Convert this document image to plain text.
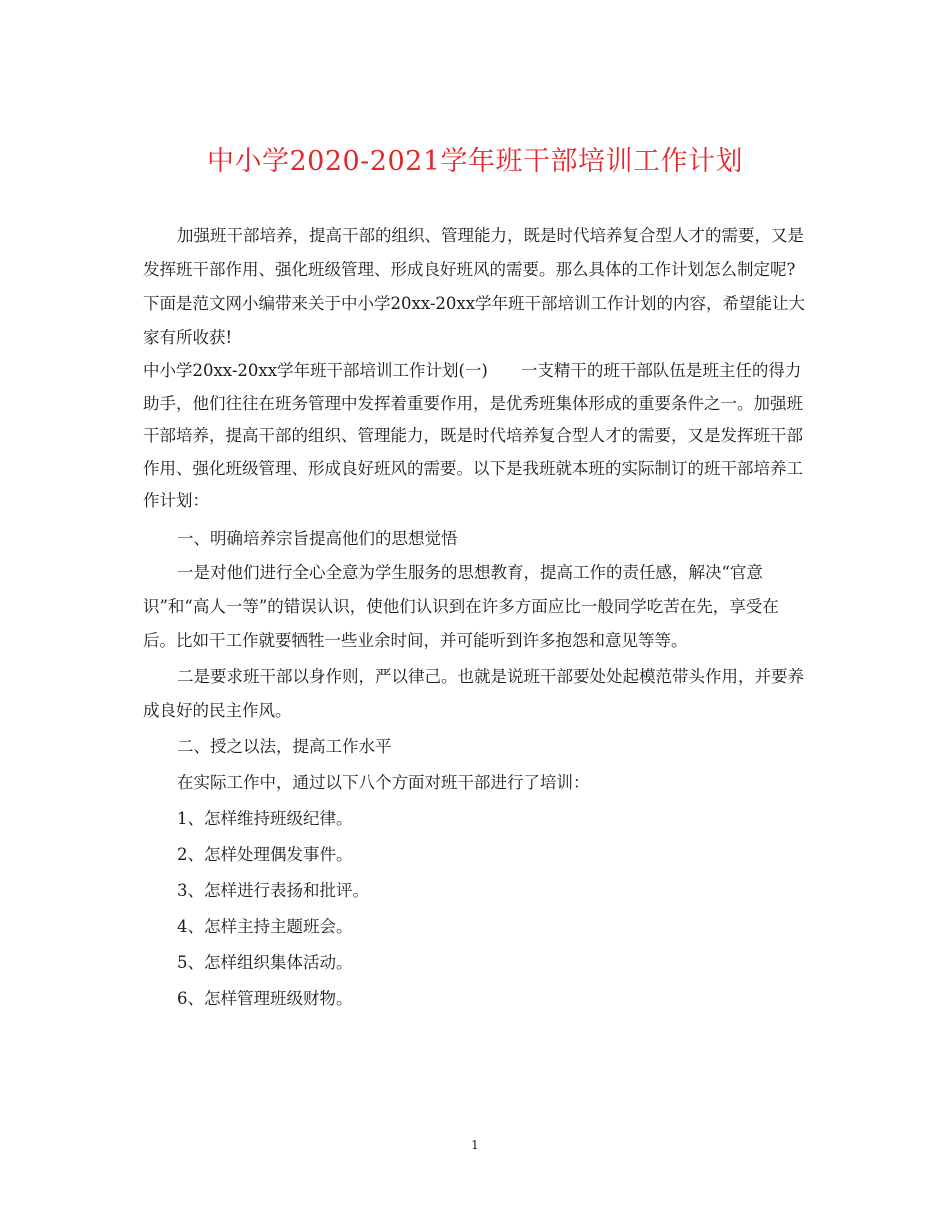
中小学2020-2021学年班干部培训工作计划

加强班干部培养，提高干部的组织、管理能力，既是时代培养复合型人才的需要，又是发挥班干部作用、强化班级管理、形成良好班风的需要。那么具体的工作计划怎么制定呢?下面是范文网小编带来关于中小学20xx-20xx学年班干部培训工作计划的内容，希望能让大家有所收获!

中小学20xx-20xx学年班干部培训工作计划(一)　　一支精干的班干部队伍是班主任的得力助手，他们往往在班务管理中发挥着重要作用，是优秀班集体形成的重要条件之一。加强班干部培养，提高干部的组织、管理能力，既是时代培养复合型人才的需要，又是发挥班干部作用、强化班级管理、形成良好班风的需要。以下是我班就本班的实际制订的班干部培养工作计划：

一、明确培养宗旨提高他们的思想觉悟

一是对他们进行全心全意为学生服务的思想教育，提高工作的责任感，解决“官意识”和“高人一等”的错误认识，使他们认识到在许多方面应比一般同学吃苦在先，享受在后。比如干工作就要牺牲一些业余时间，并可能听到许多抱怨和意见等等。

二是要求班干部以身作则，严以律己。也就是说班干部要处处起模范带头作用，并要养成良好的民主作风。

二、授之以法，提高工作水平

在实际工作中，通过以下八个方面对班干部进行了培训：

1、怎样维持班级纪律。

2、怎样处理偶发事件。

3、怎样进行表扬和批评。

4、怎样主持主题班会。

5、怎样组织集体活动。

6、怎样管理班级财物。

1
